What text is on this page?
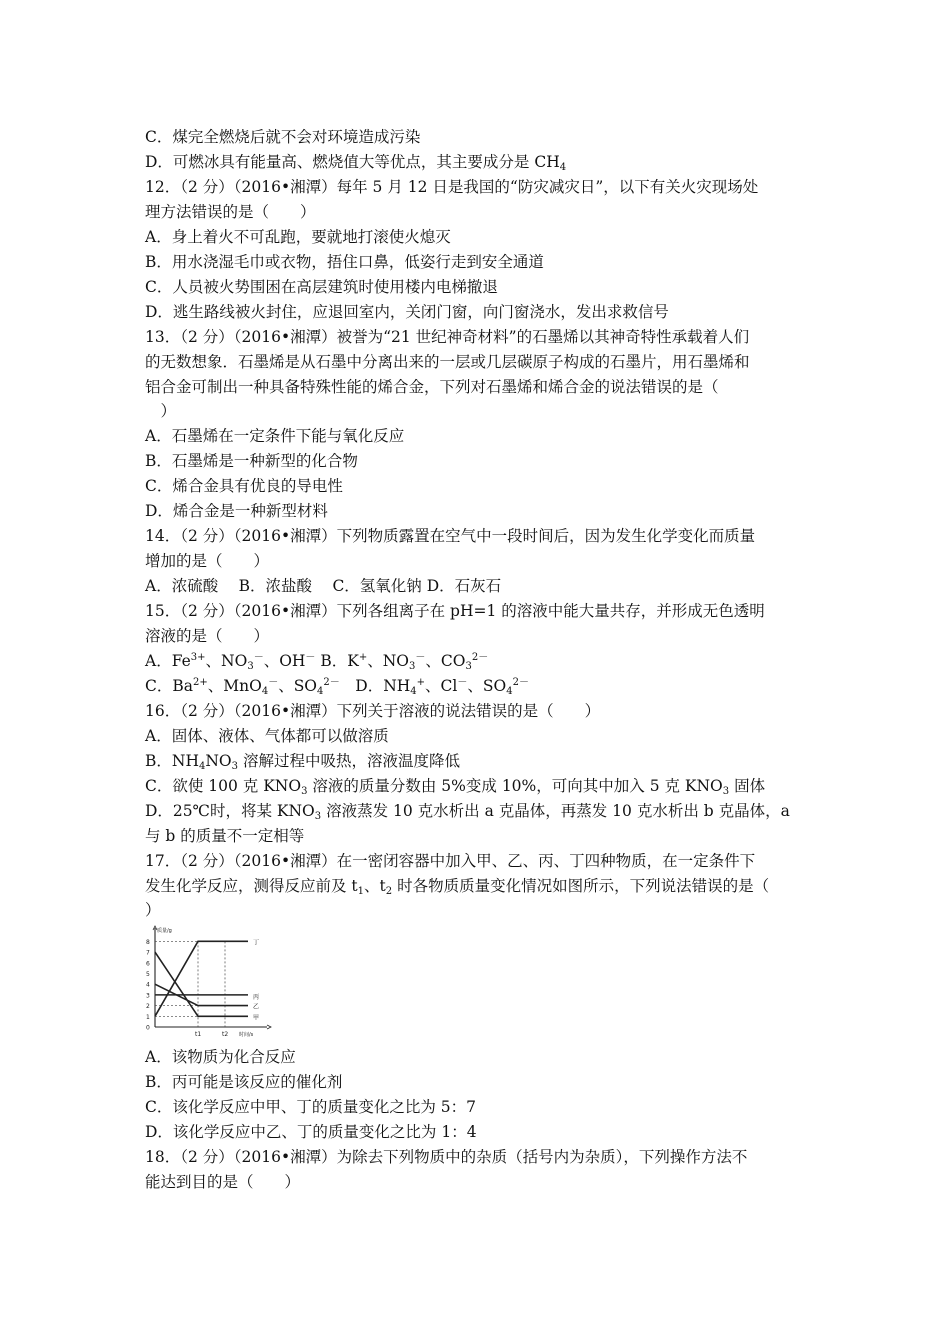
C．煤完全燃烧后就不会对环境造成污染

D．可燃冰具有能量高、燃烧值大等优点，其主要成分是 $CH_4$

12．（2 分）（2016•湘潭）每年 5 月 12 日是我国的“防灾减灾日”，以下有关火灾现场处

理方法错误的是（　　）

A．身上着火不可乱跑，要就地打滚使火熄灭

B．用水浇湿毛巾或衣物，捂住口鼻，低姿行走到安全通道

C．人员被火势围困在高层建筑时使用楼内电梯撤退

D．逃生路线被火封住，应退回室内，关闭门窗，向门窗浇水，发出求救信号

13．（2 分）（2016•湘潭）被誉为“21 世纪神奇材料”的石墨烯以其神奇特性承载着人们

的无数想象．石墨烯是从石墨中分离出来的一层或几层碳原子构成的石墨片，用石墨烯和

铝合金可制出一种具备特殊性能的烯合金，下列对石墨烯和烯合金的说法错误的是（

　）

A．石墨烯在一定条件下能与氧化反应

B．石墨烯是一种新型的化合物

C．烯合金具有优良的导电性

D．烯合金是一种新型材料

14．（2 分）（2016•湘潭）下列物质露置在空气中一段时间后，因为发生化学变化而质量

增加的是（　　）

A．浓硫酸　 B．浓盐酸　 C．氢氧化钠 D．石灰石

15．（2 分）（2016•湘潭）下列各组离子在 pH=1 的溶液中能大量共存，并形成无色透明

溶液的是（　　）

A．$Fe^{3+}$、$NO_3^-$、OH－ B．K+、$NO_3^-$、$CO_3^{2-}$

C．$Ba^{2+}$、MnO$_4$－、$SO_4^{2-}$　D．$NH_4^+$、Cl－、$SO_4^{2-}$

16．（2 分）（2016•湘潭）下列关于溶液的说法错误的是（　　）

A．固体、液体、气体都可以做溶质

B．$NH_4NO_3$ 溶解过程中吸热，溶液温度降低

C．欲使 100 克 $KNO_3$ 溶液的质量分数由 5%变成 10%，可向其中加入 5 克 $KNO_3$ 固体

D．25℃时，将某 $KNO_3$ 溶液蒸发 10 克水析出 a 克晶体，再蒸发 10 克水析出 b 克晶体，a

与 b 的质量不一定相等

17．（2 分）（2016•湘潭）在一密闭容器中加入甲、乙、丙、丁四种物质，在一定条件下

发生化学反应，测得反应前及 $t_1$、$t_2$ 时各物质质量变化情况如图所示，下列说法错误的是（

）

A．该物质为化合反应

B．丙可能是该反应的催化剂

C．该化学反应中甲、丁的质量变化之比为 5：7

D．该化学反应中乙、丁的质量变化之比为 1：4

18．（2 分）（2016•湘潭）为除去下列物质中的杂质（括号内为杂质），下列操作方法不

能达到目的是（　　）

0
1
2
3
4
5
6
7
8
质量/g
时间/s
t1	t2
丁
丙
乙
甲
